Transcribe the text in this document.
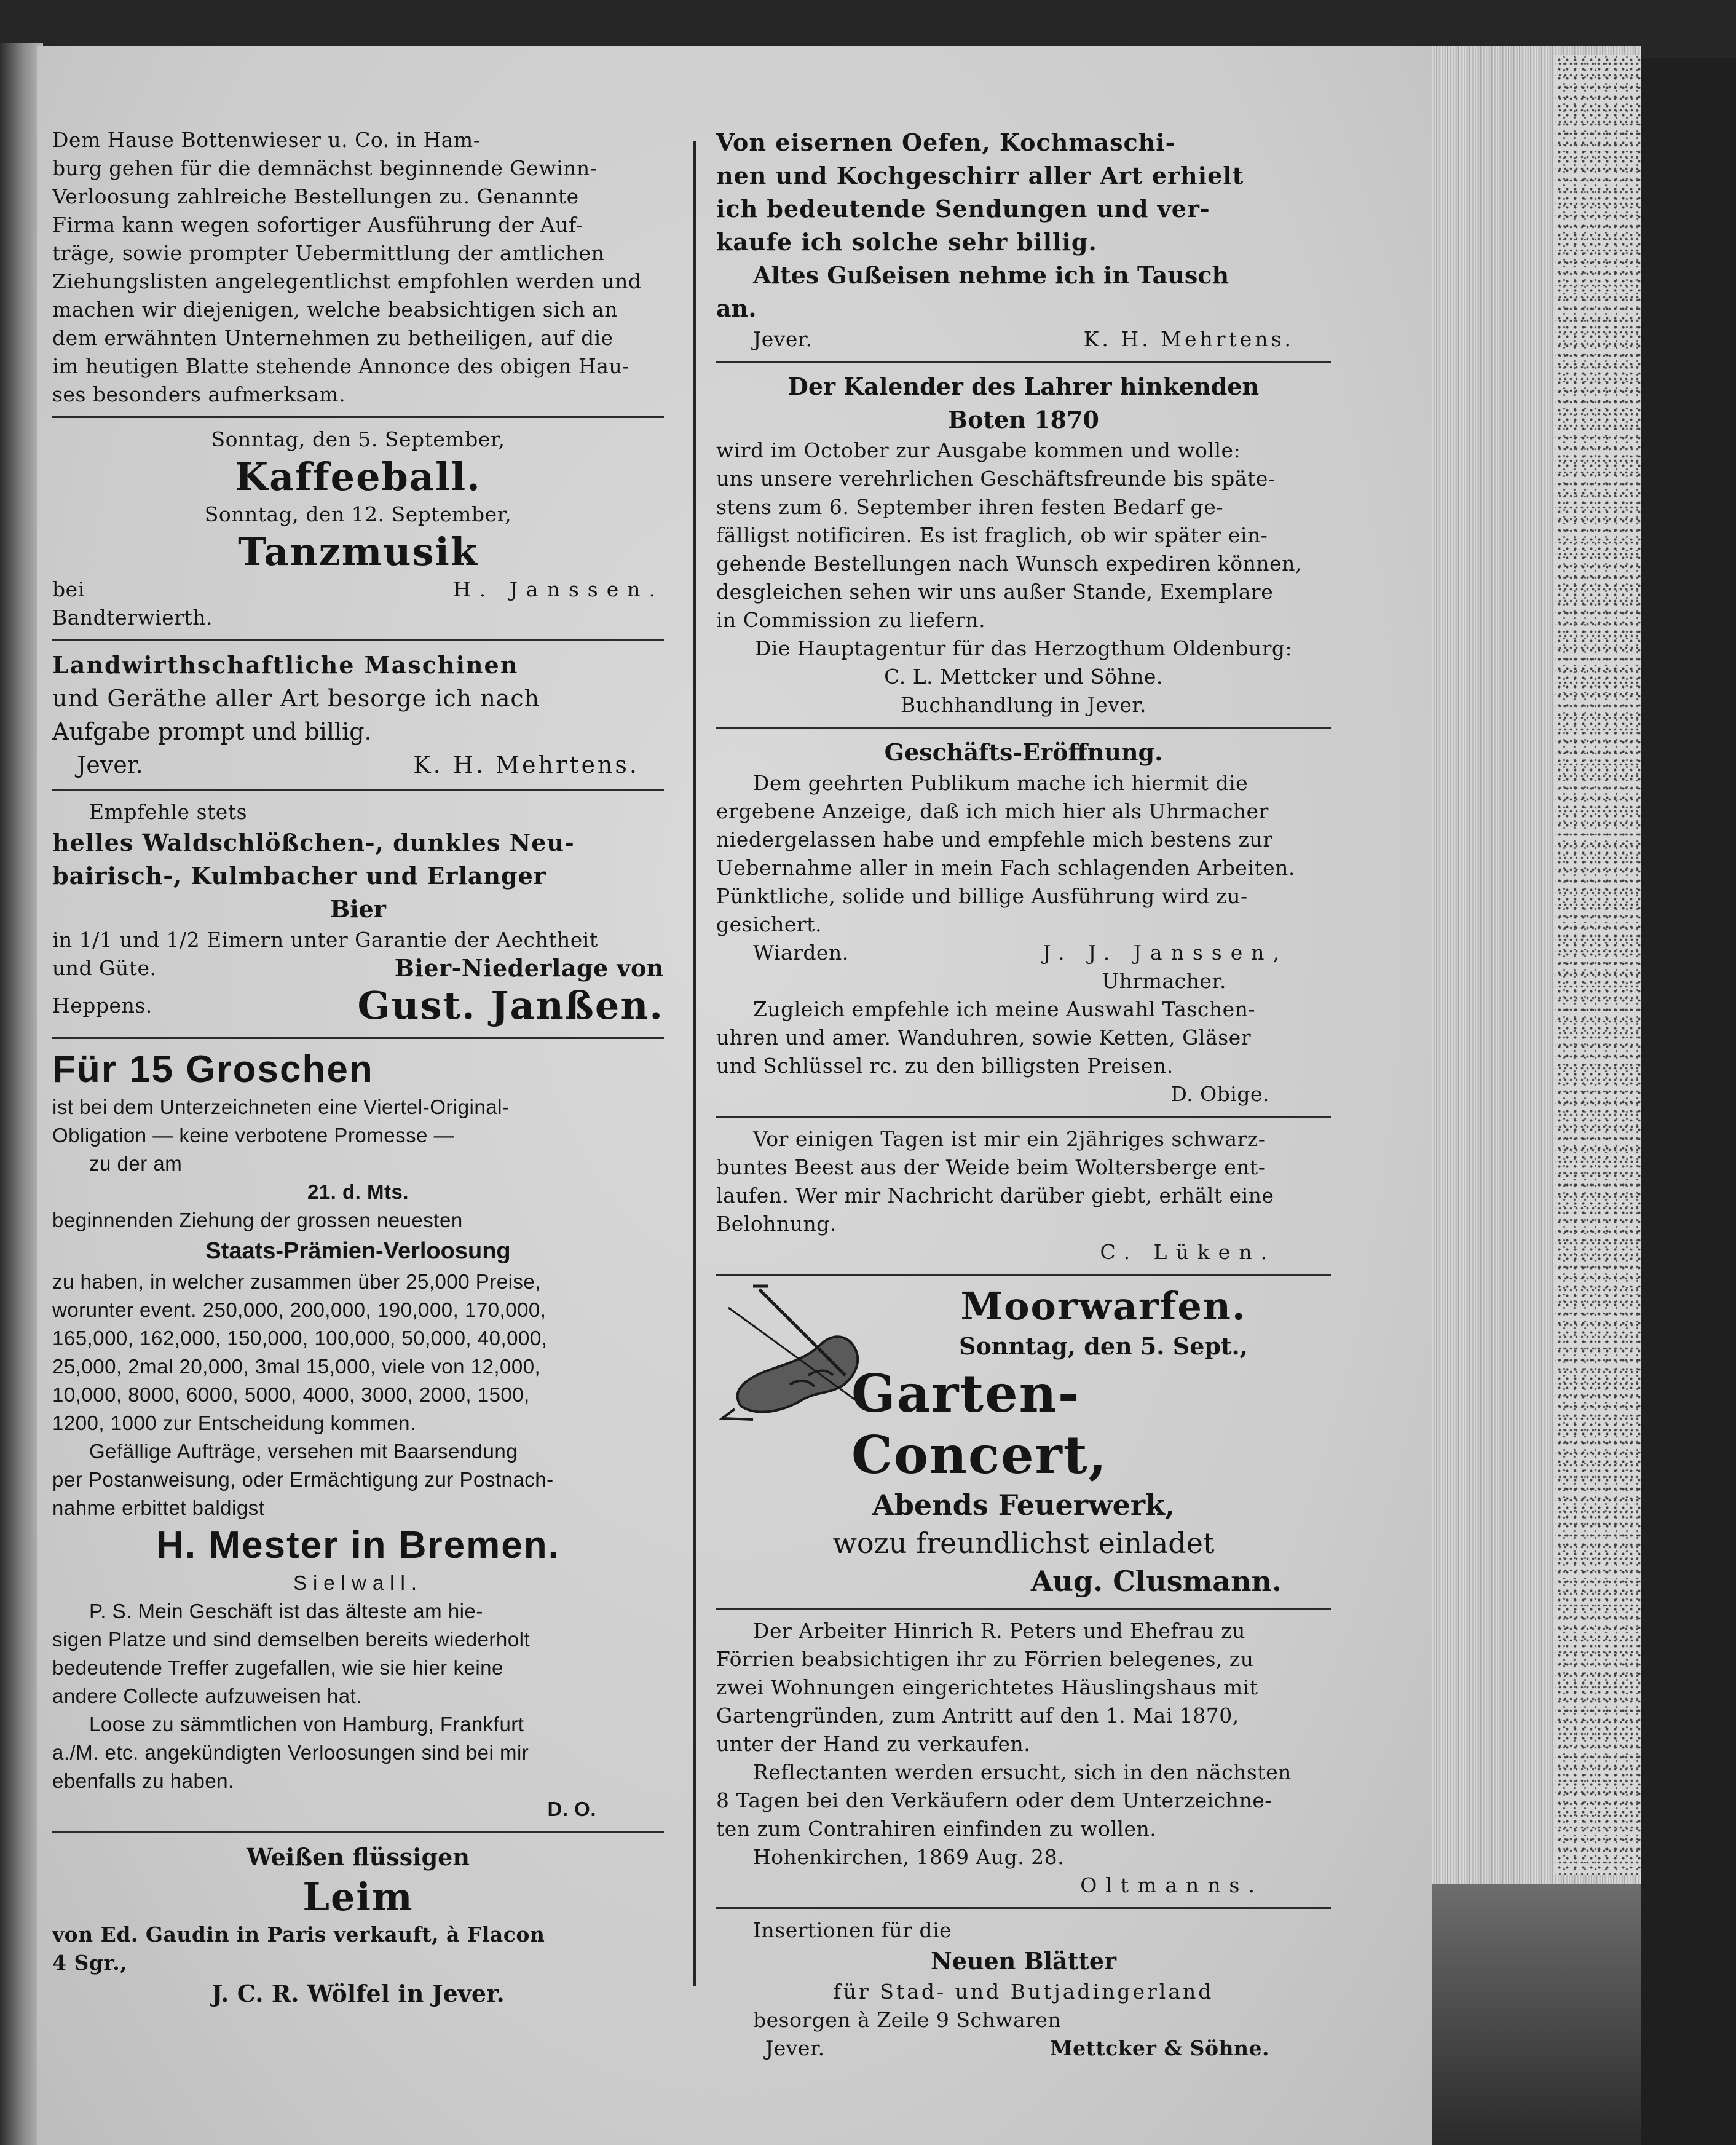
Dem Hause Bottenwieser u. Co. in Ham-
burg gehen für die demnächst beginnende Gewinn-
Verloosung zahlreiche Bestellungen zu. Genannte
Firma kann wegen sofortiger Ausführung der Auf-
träge, sowie prompter Uebermittlung der amtlichen
Ziehungslisten angelegentlichst empfohlen werden und
machen wir diejenigen, welche beabsichtigen sich an
dem erwähnten Unternehmen zu betheiligen, auf die
im heutigen Blatte stehende Annonce des obigen Hau-
ses besonders aufmerksam.
Sonntag, den 5. September,
Kaffeeball.
Sonntag, den 12. September,
Tanzmusik
bei	H. Janssen.
Bandterwierth.
Landwirthschaftliche Maschinen
und Geräthe aller Art besorge ich nach
Aufgabe prompt und billig.
Jever.	K. H. Mehrtens.
Empfehle stets
helles Waldschlößchen-, dunkles Neu-
bairisch-, Kulmbacher und Erlanger
Bier
in 1/1 und 1/2 Eimern unter Garantie der Aechtheit
und Güte.	Bier-Niederlage von
Heppens.	Gust. Janßen.
Für 15 Groschen
ist bei dem Unterzeichneten eine Viertel-Original-
Obligation — keine verbotene Promesse —
zu der am
21. d. Mts.
beginnenden Ziehung der grossen neuesten
Staats-Prämien-Verloosung
zu haben, in welcher zusammen über 25,000 Preise,
worunter event. 250,000, 200,000, 190,000, 170,000,
165,000, 162,000, 150,000, 100,000, 50,000, 40,000,
25,000, 2mal 20,000, 3mal 15,000, viele von 12,000,
10,000, 8000, 6000, 5000, 4000, 3000, 2000, 1500,
1200, 1000 zur Entscheidung kommen.
Gefällige Aufträge, versehen mit Baarsendung
per Postanweisung, oder Ermächtigung zur Postnach-
nahme erbittet baldigst
H. Mester in Bremen.
Sielwall.
P. S. Mein Geschäft ist das älteste am hie-
sigen Platze und sind demselben bereits wiederholt
bedeutende Treffer zugefallen, wie sie hier keine
andere Collecte aufzuweisen hat.
Loose zu sämmtlichen von Hamburg, Frankfurt
a./M. etc. angekündigten Verloosungen sind bei mir
ebenfalls zu haben.
D. O.
Weißen flüssigen
Leim
von Ed. Gaudin in Paris verkauft, à Flacon
4 Sgr.,
J. C. R. Wölfel in Jever.
Von eisernen Oefen, Kochmaschi-
nen und Kochgeschirr aller Art erhielt
ich bedeutende Sendungen und ver-
kaufe ich solche sehr billig.
Altes Gußeisen nehme ich in Tausch
an.
Jever.	K. H. Mehrtens.
Der Kalender des Lahrer hinkenden
Boten 1870
wird im October zur Ausgabe kommen und wolle:
uns unsere verehrlichen Geschäftsfreunde bis späte-
stens zum 6. September ihren festen Bedarf ge-
fälligst notificiren. Es ist fraglich, ob wir später ein-
gehende Bestellungen nach Wunsch expediren können,
desgleichen sehen wir uns außer Stande, Exemplare
in Commission zu liefern.
Die Hauptagentur für das Herzogthum Oldenburg:
C. L. Mettcker und Söhne.
Buchhandlung in Jever.
Geschäfts-Eröffnung.
Dem geehrten Publikum mache ich hiermit die
ergebene Anzeige, daß ich mich hier als Uhrmacher
niedergelassen habe und empfehle mich bestens zur
Uebernahme aller in mein Fach schlagenden Arbeiten.
Pünktliche, solide und billige Ausführung wird zu-
gesichert.
Wiarden.	J. J. Janssen,
Uhrmacher.
Zugleich empfehle ich meine Auswahl Taschen-
uhren und amer. Wanduhren, sowie Ketten, Gläser
und Schlüssel rc. zu den billigsten Preisen.
D. Obige.
Vor einigen Tagen ist mir ein 2jähriges schwarz-
buntes Beest aus der Weide beim Woltersberge ent-
laufen. Wer mir Nachricht darüber giebt, erhält eine
Belohnung.
C. Lüken.
Moorwarfen.
Sonntag, den 5. Sept.,
Garten-Concert,
Abends Feuerwerk,
wozu freundlichst einladet
Aug. Clusmann.
Der Arbeiter Hinrich R. Peters und Ehefrau zu
Förrien beabsichtigen ihr zu Förrien belegenes, zu
zwei Wohnungen eingerichtetes Häuslingshaus mit
Gartengründen, zum Antritt auf den 1. Mai 1870,
unter der Hand zu verkaufen.
Reflectanten werden ersucht, sich in den nächsten
8 Tagen bei den Verkäufern oder dem Unterzeichne-
ten zum Contrahiren einfinden zu wollen.
Hohenkirchen, 1869 Aug. 28.
Oltmanns.
Insertionen für die
Neuen Blätter
für Stad- und Butjadingerland
besorgen à Zeile 9 Schwaren
Jever.	Mettcker & Söhne.
